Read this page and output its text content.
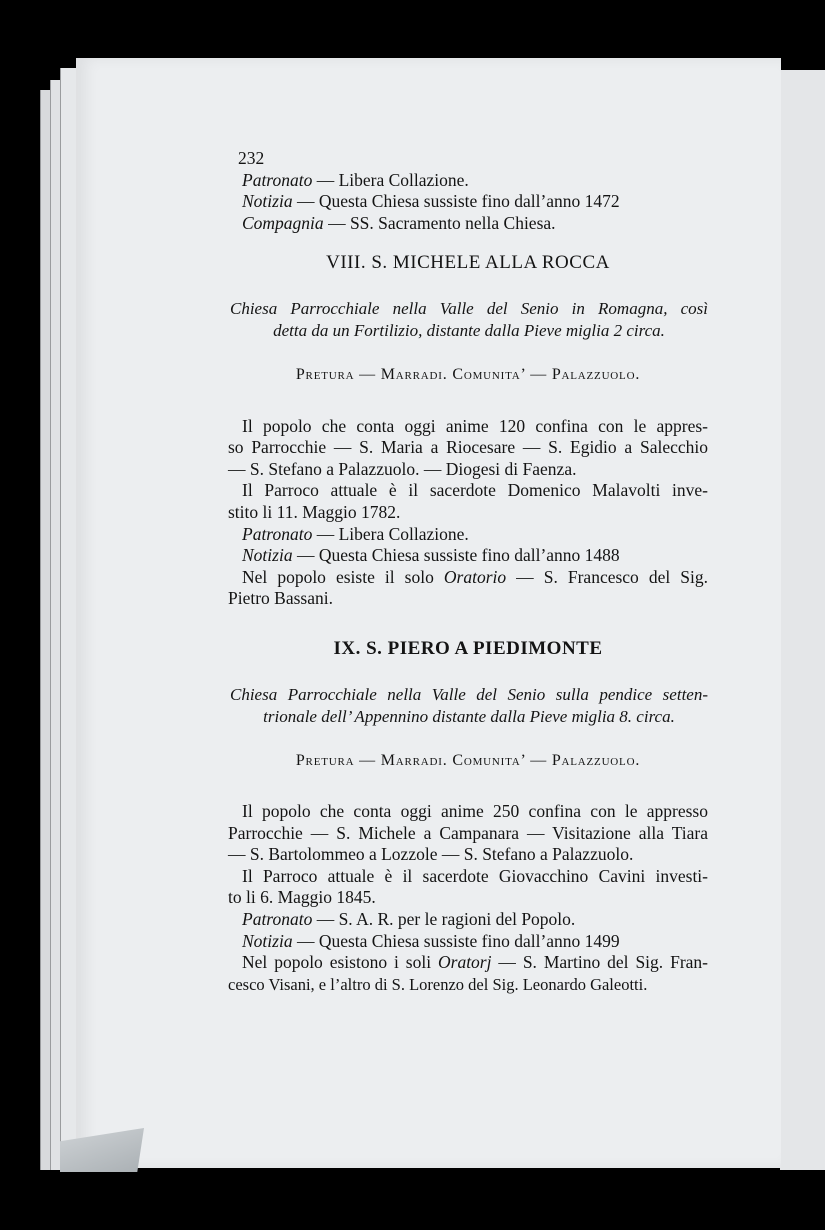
232
Patronato — Libera Collazione.
Notizia — Questa Chiesa sussiste fino dall’anno 1472
Compagnia — SS. Sacramento nella Chiesa.
VIII. S. MICHELE ALLA ROCCA
Chiesa Parrocchiale nella Valle del Senio in Romagna, così
detta da un Fortilizio, distante dalla Pieve miglia 2 circa.
Pretura — Marradi. Comunita’ — Palazzuolo.
Il popolo che conta oggi anime 120 confina con le appres-
so Parrocchie — S. Maria a Riocesare — S. Egidio a Salecchio
— S. Stefano a Palazzuolo. — Diogesi di Faenza.
Il Parroco attuale è il sacerdote Domenico Malavolti inve-
stito li 11. Maggio 1782.
Patronato — Libera Collazione.
Notizia — Questa Chiesa sussiste fino dall’anno 1488
Nel popolo esiste il solo Oratorio — S. Francesco del Sig.
Pietro Bassani.
IX. S. PIERO A PIEDIMONTE
Chiesa Parrocchiale nella Valle del Senio sulla pendice setten-
trionale dell’ Appennino distante dalla Pieve miglia 8. circa.
Pretura — Marradi. Comunita’ — Palazzuolo.
Il popolo che conta oggi anime 250 confina con le appresso
Parrocchie — S. Michele a Campanara — Visitazione alla Tiara
— S. Bartolommeo a Lozzole — S. Stefano a Palazzuolo.
Il Parroco attuale è il sacerdote Giovacchino Cavini investi-
to li 6. Maggio 1845.
Patronato — S. A. R. per le ragioni del Popolo.
Notizia — Questa Chiesa sussiste fino dall’anno 1499
Nel popolo esistono i soli Oratorj — S. Martino del Sig. Fran-
cesco Visani, e l’altro di S. Lorenzo del Sig. Leonardo Galeotti.
